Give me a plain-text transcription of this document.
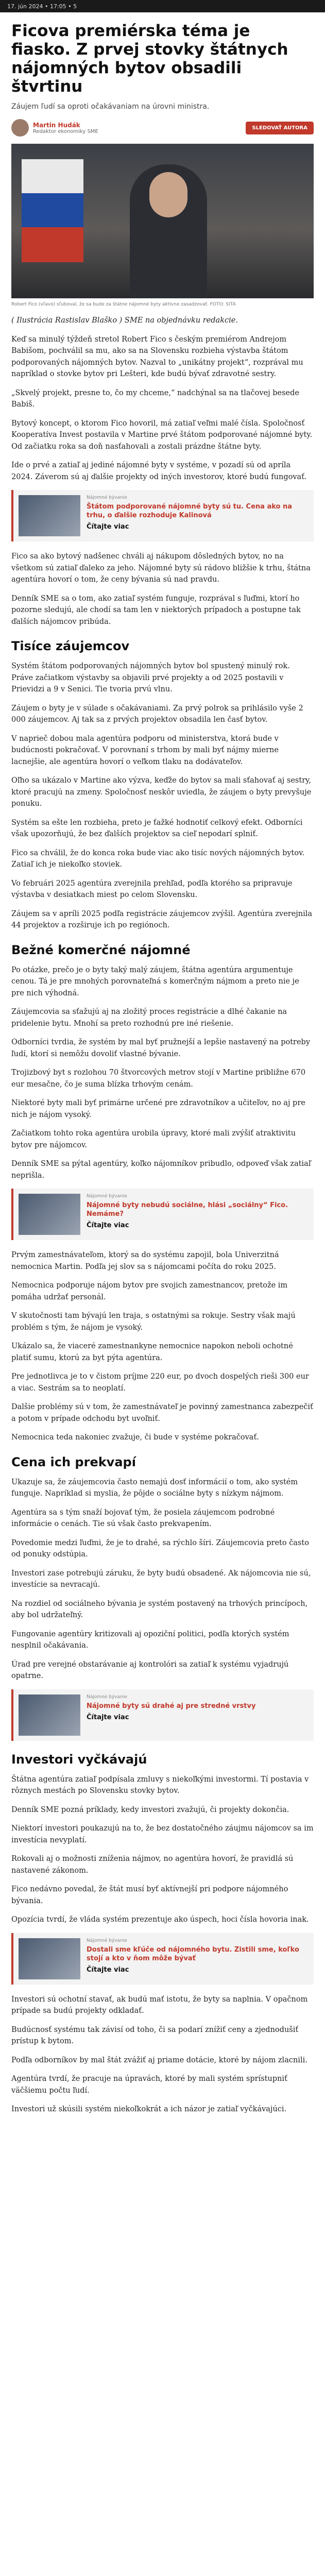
17. jún 2024 • 17:05 • 5
Ficova premiérska téma je fiasko. Z prvej stovky štátnych nájomných bytov obsadili štvrtinu
Záujem ľudí sa oproti očakávaniam na úrovni ministra.
Martin Hudák
Redaktor ekonomiky SME
SLEDOVAŤ AUTORA
Robert Fico (vľavo) sľuboval, že sa bude za štátne nájomné byty aktívne zasadzovať. FOTO: SITA

( Ilustrácia Rastislav Blaško ) SME na objednávku redakcie.

Keď sa minulý týždeň stretol Robert Fico s českým premiérom Andrejom Babišom, pochválil sa mu, ako sa na Slovensku rozbieha výstavba štátom podporovaných nájomných bytov. Nazval to „unikátny projekt“, rozprával mu napríklad o stovke bytov pri Lešteri, kde budú bývať zdravotné sestry.

„Skvelý projekt, presne to, čo my chceme,“ nadchýnal sa na tlačovej besede Babiš.

Bytový koncept, o ktorom Fico hovoril, má zatiaľ veľmi malé čísla. Spoločnosť Kooperatíva Invest postavila v Martine prvé štátom podporované nájomné byty. Od začiatku roka sa doň nasťahovali a zostali prázdne štátne byty.

Ide o prvé a zatiaľ aj jediné nájomné byty v systéme, v pozadí sú od apríla 2024. Záverom sú aj ďalšie projekty od iných investorov, ktoré budú fungovať.

Nájomné bývanie
Štátom podporované nájomné byty sú tu. Cena ako na trhu, o ďalšie rozhoduje Kalinová
Čítajte viac

Fico sa ako bytový nadšenec chváli aj nákupom dôsledných bytov, no na všetkom sú zatiaľ ďaleko za jeho. Nájomné byty sú rádovo bližšie k trhu, štátna agentúra hovorí o tom, že ceny bývania sú nad pravdu.

Denník SME sa o tom, ako zatiaľ systém funguje, rozprával s ľuďmi, ktorí ho pozorne sledujú, ale chodí sa tam len v niektorých prípadoch a postupne tak ďalších nájomcov pribúda.

Tisíce záujemcov

Systém štátom podporovaných nájomných bytov bol spustený minulý rok. Práve začiatkom výstavby sa objavili prvé projekty a od 2025 postavili v Prievidzi a 9 v Senici. Tie tvoria prvú vlnu.

Záujem o byty je v súlade s očakávaniami. Za prvý polrok sa prihlásilo vyše 2 000 záujemcov. Aj tak sa z prvých projektov obsadila len časť bytov.

V naprieč dobou mala agentúra podporu od ministerstva, ktorá bude v budúcnosti pokračovať. V porovnaní s trhom by mali byť nájmy mierne lacnejšie, ale agentúra hovorí o veľkom tlaku na dodávateľov.

Oľho sa ukázalo v Martine ako výzva, keďže do bytov sa mali sťahovať aj sestry, ktoré pracujú na zmeny. Spoločnosť neskôr uviedla, že záujem o byty prevyšuje ponuku.

Systém sa ešte len rozbieha, preto je ťažké hodnotiť celkový efekt. Odborníci však upozorňujú, že bez ďalších projektov sa cieľ nepodarí splniť.

Fico sa chválil, že do konca roka bude viac ako tisíc nových nájomných bytov. Zatiaľ ich je niekoľko stoviek.

Vo februári 2025 agentúra zverejnila prehľad, podľa ktorého sa pripravuje výstavba v desiatkach miest po celom Slovensku.

Záujem sa v apríli 2025 podľa registrácie záujemcov zvýšil. Agentúra zverejnila 44 projektov a rozširuje ich po regiónoch.

Bežné komerčné nájomné

Po otázke, prečo je o byty taký malý záujem, štátna agentúra argumentuje cenou. Tá je pre mnohých porovnateľná s komerčným nájmom a preto nie je pre nich výhodná.

Záujemcovia sa sťažujú aj na zložitý proces registrácie a dlhé čakanie na pridelenie bytu. Mnohí sa preto rozhodnú pre iné riešenie.

Odborníci tvrdia, že systém by mal byť pružnejší a lepšie nastavený na potreby ľudí, ktorí si nemôžu dovoliť vlastné bývanie.

Trojizbový byt s rozlohou 70 štvorcových metrov stojí v Martine približne 670 eur mesačne, čo je suma blízka trhovým cenám.

Niektoré byty mali byť primárne určené pre zdravotníkov a učiteľov, no aj pre nich je nájom vysoký.

Začiatkom tohto roka agentúra urobila úpravy, ktoré mali zvýšiť atraktivitu bytov pre nájomcov.

Denník SME sa pýtal agentúry, koľko nájomníkov pribudlo, odpoveď však zatiaľ neprišla.

Nájomné bývanie
Nájomné byty nebudú sociálne, hlási „sociálny“ Fico. Nemáme?
Čítajte viac

Prvým zamestnávateľom, ktorý sa do systému zapojil, bola Univerzitná nemocnica Martin. Podľa jej slov sa s nájomcami počíta do roku 2025.

Nemocnica podporuje nájom bytov pre svojich zamestnancov, pretože im pomáha udržať personál.

V skutočnosti tam bývajú len traja, s ostatnými sa rokuje. Sestry však majú problém s tým, že nájom je vysoký.

Ukázalo sa, že viaceré zamestnankyne nemocnice napokon neboli ochotné platiť sumu, ktorú za byt pýta agentúra.

Pre jednotlivca je to v čistom príjme 220 eur, po dvoch dospelých rieši 300 eur a viac. Sestrám sa to neoplatí.

Dalšie problémy sú v tom, že zamestnávateľ je povinný zamestnanca zabezpečiť a potom v prípade odchodu byt uvoľniť.

Nemocnica teda nakoniec zvažuje, či bude v systéme pokračovať.

Cena ich prekvapí

Ukazuje sa, že záujemcovia často nemajú dosť informácií o tom, ako systém funguje. Napríklad si myslia, že pôjde o sociálne byty s nízkym nájmom.

Agentúra sa s tým snaží bojovať tým, že posiela záujemcom podrobné informácie o cenách. Tie sú však často prekvapením.

Povedomie medzi ľuďmi, že je to drahé, sa rýchlo šíri. Záujemcovia preto často od ponuky odstúpia.

Investori zase potrebujú záruku, že byty budú obsadené. Ak nájomcovia nie sú, investície sa nevracajú.

Na rozdiel od sociálneho bývania je systém postavený na trhových princípoch, aby bol udržateľný.

Fungovanie agentúry kritizovali aj opoziční politici, podľa ktorých systém nesplnil očakávania.

Úrad pre verejné obstarávanie aj kontrolóri sa zatiaľ k systému vyjadrujú opatrne.

Nájomné bývanie
Nájomné byty sú drahé aj pre stredné vrstvy
Čítajte viac
Investori vyčkávajú

Štátna agentúra zatiaľ podpísala zmluvy s niekoľkými investormi. Tí postavia v rôznych mestách po Slovensku stovky bytov.

Denník SME pozná príklady, kedy investori zvažujú, či projekty dokončia.

Niektorí investori poukazujú na to, že bez dostatočného záujmu nájomcov sa im investícia nevyplatí.

Rokovali aj o možnosti zníženia nájmov, no agentúra hovorí, že pravidlá sú nastavené zákonom.

Fico nedávno povedal, že štát musí byť aktívnejší pri podpore nájomného bývania.

Opozícia tvrdí, že vláda systém prezentuje ako úspech, hoci čísla hovoria inak.

Nájomné bývanie
Dostali sme kľúče od nájomného bytu. Zistili sme, koľko stojí a kto v ňom môže bývať
Čítajte viac

Investori sú ochotní stavať, ak budú mať istotu, že byty sa naplnia. V opačnom prípade sa budú projekty odkladať.

Budúcnosť systému tak závisí od toho, či sa podarí znížiť ceny a zjednodušiť prístup k bytom.

Podľa odborníkov by mal štát zvážiť aj priame dotácie, ktoré by nájom zlacnili.

Agentúra tvrdí, že pracuje na úpravách, ktoré by mali systém sprístupniť väčšiemu počtu ľudí.

Investori už skúsili systém niekoľkokrát a ich názor je zatiaľ vyčkávajúci.
